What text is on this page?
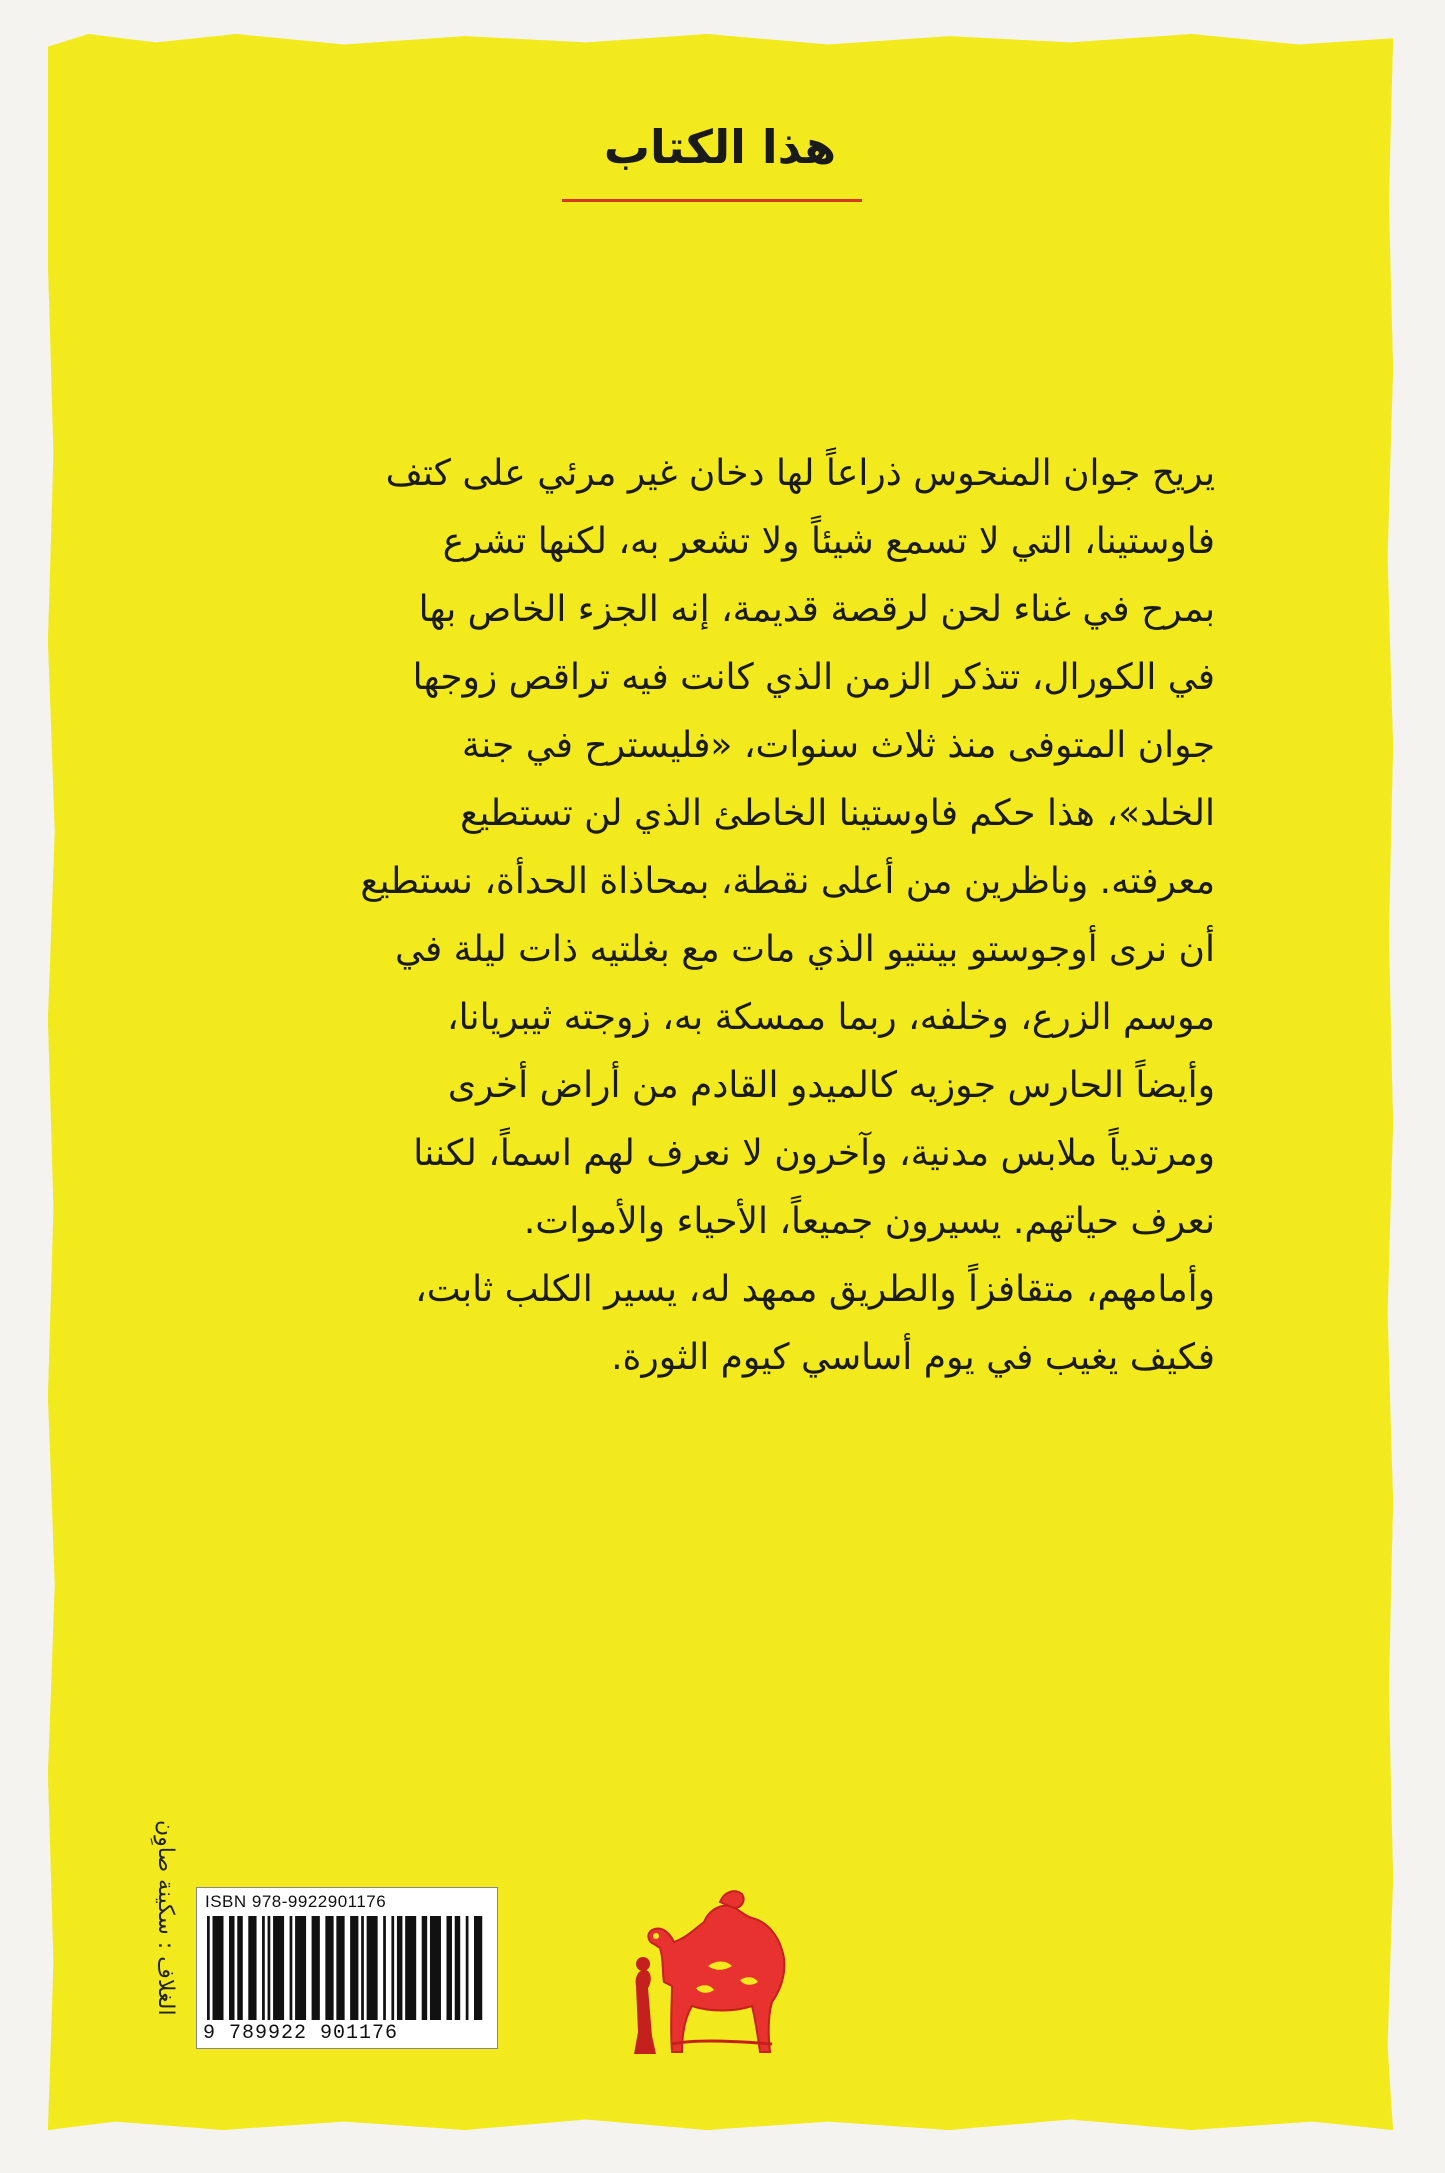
هذا الكتاب
يريح جوان المنحوس ذراعاً لها دخان غير مرئي على كتف
فاوستينا، التي لا تسمع شيئاً ولا تشعر به، لكنها تشرع
بمرح في غناء لحن لرقصة قديمة، إنه الجزء الخاص بها
في الكورال، تتذكر الزمن الذي كانت فيه تراقص زوجها
جوان المتوفى منذ ثلاث سنوات، «فليسترح في جنة
الخلد»، هذا حكم فاوستينا الخاطئ الذي لن تستطيع
معرفته. وناظرين من أعلى نقطة، بمحاذاة الحدأة، نستطيع
أن نرى أوجوستو بينتيو الذي مات مع بغلتيه ذات ليلة في
موسم الزرع، وخلفه، ربما ممسكة به، زوجته ثيبريانا،
وأيضاً الحارس جوزيه كالميدو القادم من أراض أخرى
ومرتدياً ملابس مدنية، وآخرون لا نعرف لهم اسماً، لكننا
نعرف حياتهم. يسيرون جميعاً، الأحياء والأموات.
وأمامهم، متقافزاً والطريق ممهد له، يسير الكلب ثابت،
فكيف يغيب في يوم أساسي كيوم الثورة.
الغلاف : سكينة صاوِن ISBN 978-9922901176
9 789922 901176
